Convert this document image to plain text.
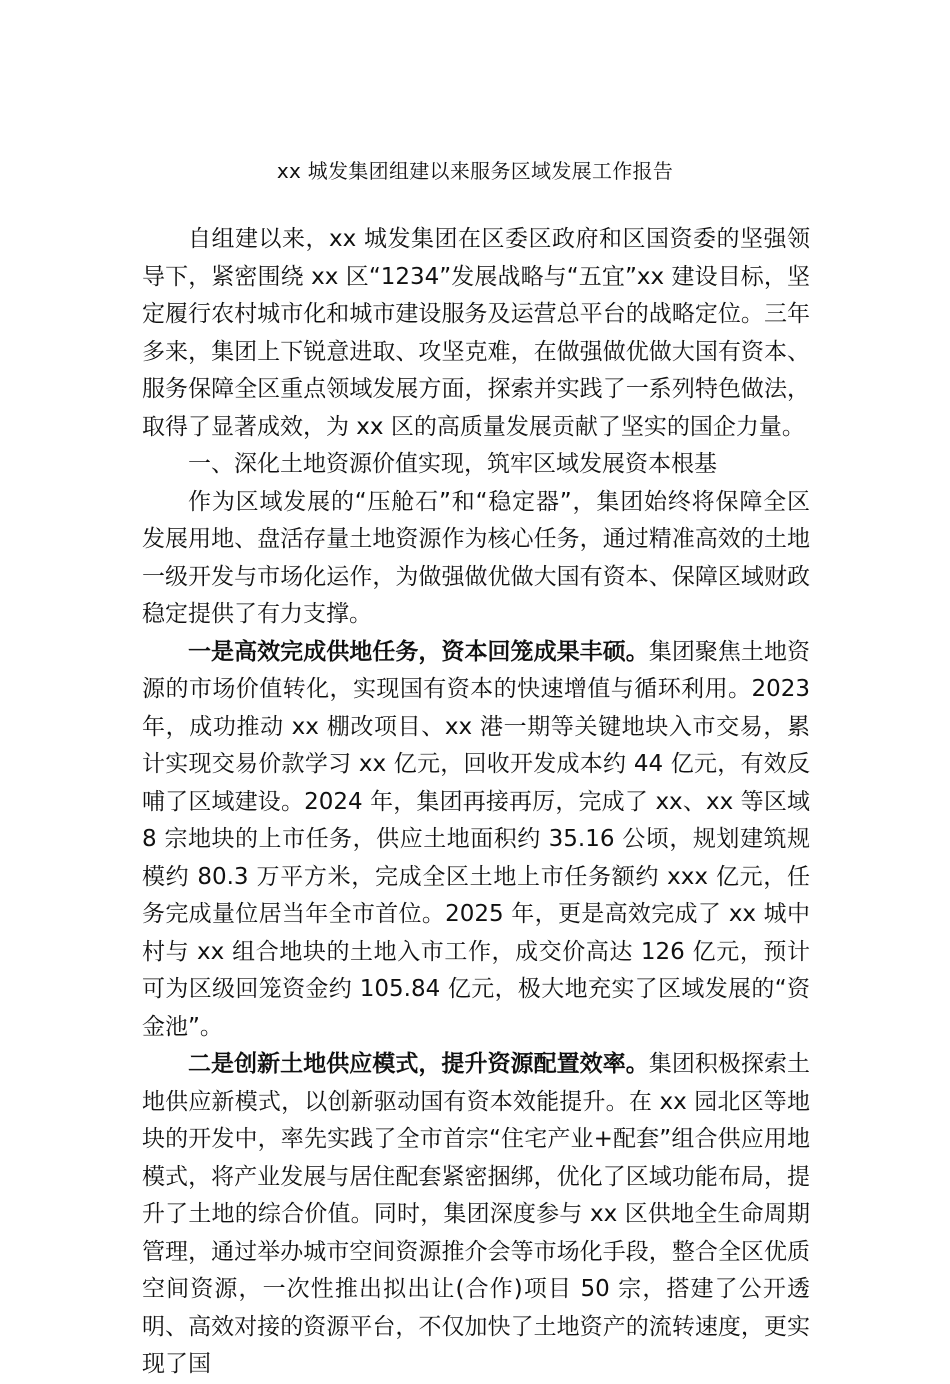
xx 城发集团组建以来服务区域发展工作报告

自组建以来，xx 城发集团在区委区政府和区国资委的坚强领导下，紧密围绕 xx 区“1234”发展战略与“五宜”xx 建设目标，坚定履行农村城市化和城市建设服务及运营总平台的战略定位。三年多来，集团上下锐意进取、攻坚克难，在做强做优做大国有资本、服务保障全区重点领域发展方面，探索并实践了一系列特色做法，取得了显著成效，为 xx 区的高质量发展贡献了坚实的国企力量。

一、深化土地资源价值实现，筑牢区域发展资本根基

作为区域发展的“压舱石”和“稳定器”，集团始终将保障全区发展用地、盘活存量土地资源作为核心任务，通过精准高效的土地一级开发与市场化运作，为做强做优做大国有资本、保障区域财政稳定提供了有力支撑。

一是高效完成供地任务，资本回笼成果丰硕。集团聚焦土地资源的市场价值转化，实现国有资本的快速增值与循环利用。2023 年，成功推动 xx 棚改项目、xx 港一期等关键地块入市交易，累计实现交易价款学习 xx 亿元，回收开发成本约 44 亿元，有效反哺了区域建设。2024 年，集团再接再厉，完成了 xx、xx 等区域 8 宗地块的上市任务，供应土地面积约 35.16 公顷，规划建筑规模约 80.3 万平方米，完成全区土地上市任务额约 xxx 亿元，任务完成量位居当年全市首位。2025 年，更是高效完成了 xx 城中村与 xx 组合地块的土地入市工作，成交价高达 126 亿元，预计可为区级回笼资金约 105.84 亿元，极大地充实了区域发展的“资金池”。

二是创新土地供应模式，提升资源配置效率。集团积极探索土地供应新模式，以创新驱动国有资本效能提升。在 xx 园北区等地块的开发中，率先实践了全市首宗“住宅产业+配套”组合供应用地模式，将产业发展与居住配套紧密捆绑，优化了区域功能布局，提升了土地的综合价值。同时，集团深度参与 xx 区供地全生命周期管理，通过举办城市空间资源推介会等市场化手段，整合全区优质空间资源，一次性推出拟出让(合作)项目 50 宗，搭建了公开透明、高效对接的资源平台，不仅加快了土地资产的流转速度，更实现了国
